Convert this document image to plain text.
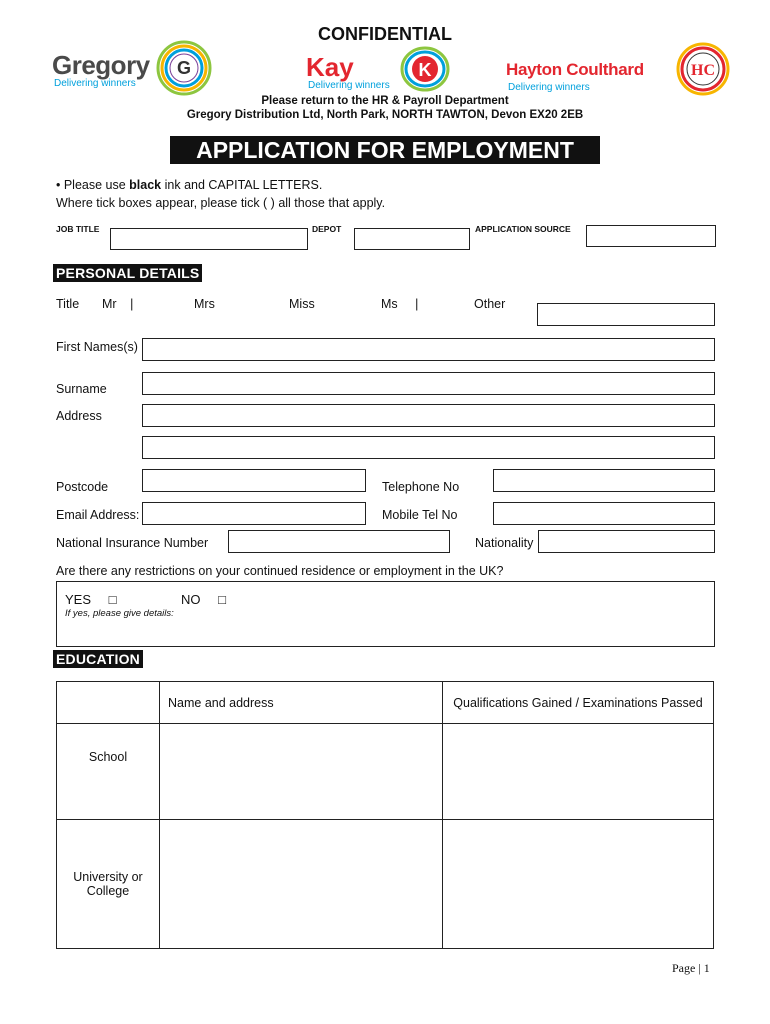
CONFIDENTIAL
Gregory
Delivering winners
G	Kay
Delivering winners
K	Hayton Coulthard
Delivering winners
HC
Please return to the HR & Payroll Department
Gregory Distribution Ltd, North Park, NORTH TAWTON, Devon EX20 2EB
APPLICATION FOR EMPLOYMENT
• Please use black ink and CAPITAL LETTERS.
Where tick boxes appear, please tick ( ) all those that apply.
JOB TITLE	DEPOT	APPLICATION SOURCE
PERSONAL DETAILS
Title Mr |	Mrs	Miss	Ms |	Other
First Names(s)
Surname
Address
Postcode	Telephone No
Email Address:	Mobile Tel No
National Insurance Number	Nationality
Are there any restrictions on your continued residence or employment in the UK?
YES □	NO □
If yes, please give details:
EDUCATION
	Name and address	Qualifications Gained / Examinations Passed
School		
University or College		
Page | 1
